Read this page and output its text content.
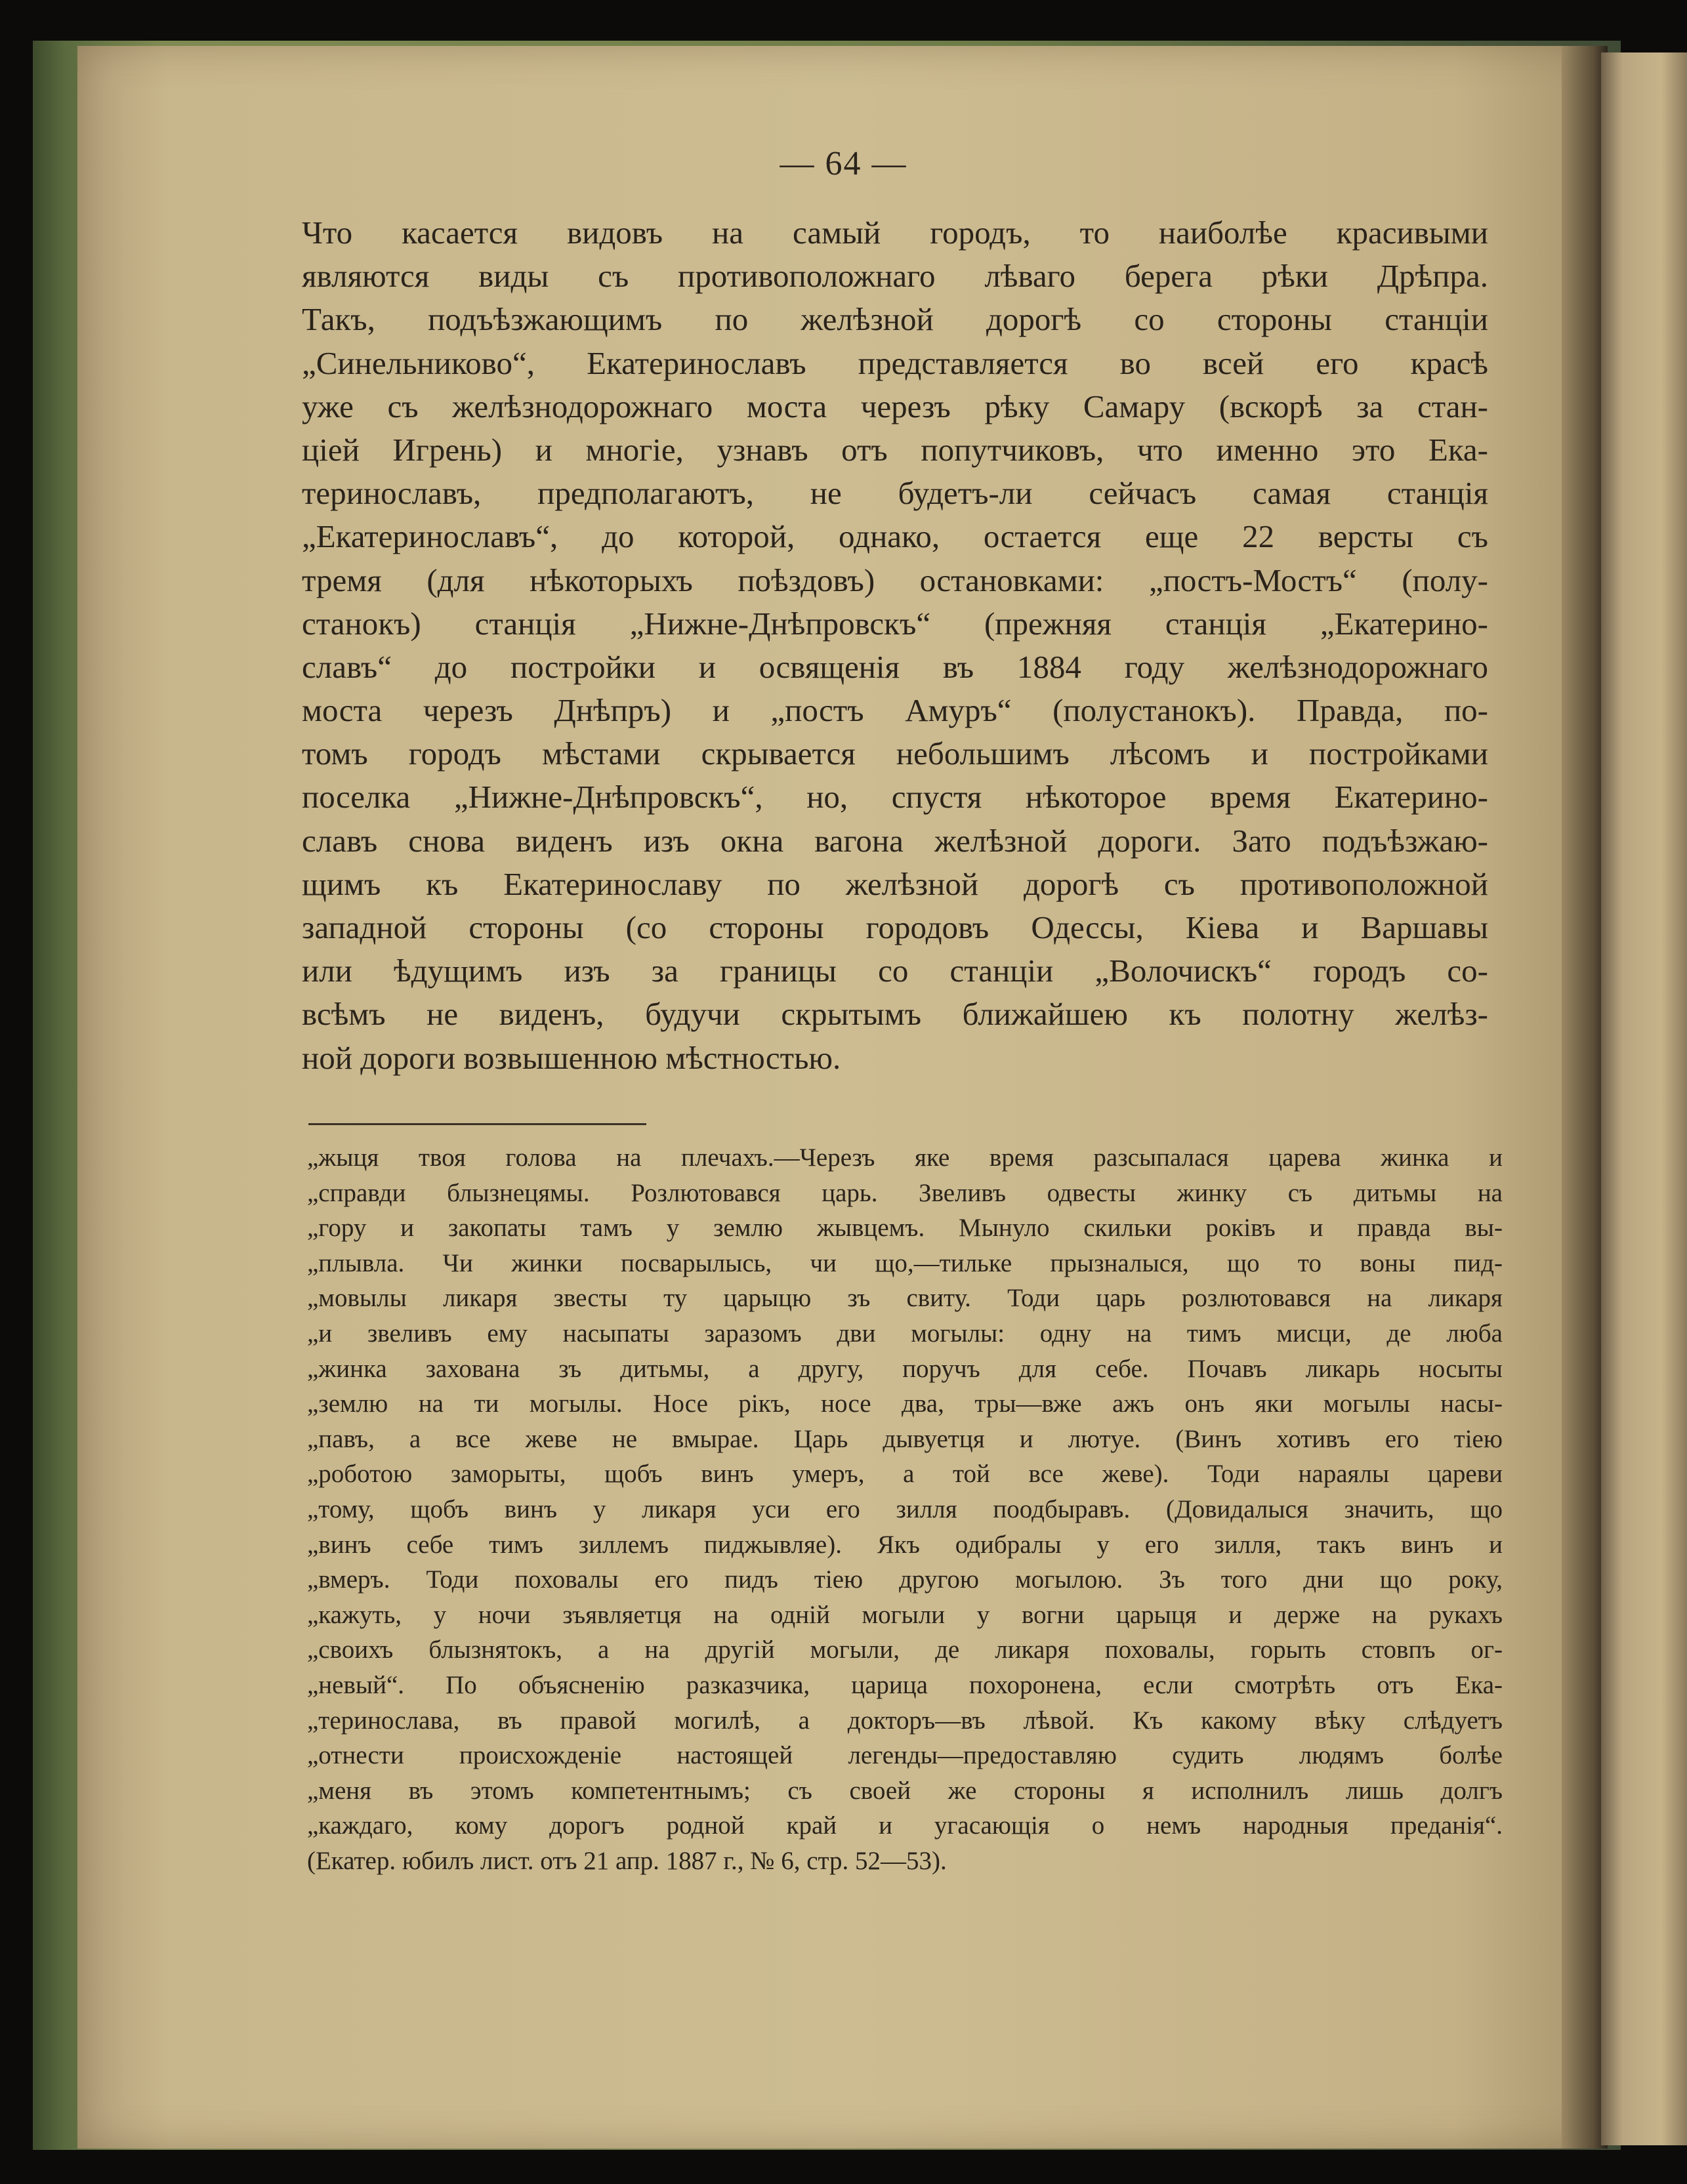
— 64 —
Что касается видовъ на самый городъ, то наиболѣе красивыми
являются виды съ противоположнаго лѣваго берега рѣки Дрѣпра.
Такъ, подъѣзжающимъ по желѣзной дорогѣ со стороны станціи
„Синельниково“, Екатеринославъ представляется во всей его красѣ
уже съ желѣзнодорожнаго моста черезъ рѣку Самару (вскорѣ за стан-
ціей Игрень) и многіе, узнавъ отъ попутчиковъ, что именно это Ека-
теринославъ, предполагаютъ, не будетъ-ли сейчасъ самая станція
„Екатеринославъ“, до которой, однако, остается еще 22 версты съ
тремя (для нѣкоторыхъ поѣздовъ) остановками: „постъ-Мостъ“ (полу-
станокъ) станція „Нижне-Днѣпровскъ“ (прежняя станція „Екатерино-
славъ“ до постройки и освященія въ 1884 году желѣзнодорожнаго
моста черезъ Днѣпръ) и „постъ Амуръ“ (полустанокъ). Правда, по-
томъ городъ мѣстами скрывается небольшимъ лѣсомъ и постройками
поселка „Нижне-Днѣпровскъ“, но, спустя нѣкоторое время Екатерино-
славъ снова виденъ изъ окна вагона желѣзной дороги. Зато подъѣзжаю-
щимъ къ Екатеринославу по желѣзной дорогѣ съ противоположной
западной стороны (со стороны городовъ Одессы, Кіева и Варшавы
или ѣдущимъ изъ за границы со станціи „Волочискъ“ городъ со-
всѣмъ не виденъ, будучи скрытымъ ближайшею къ полотну желѣз-
ной дороги возвышенною мѣстностью.
„жыця твоя голова на плечахъ.—Черезъ яке время разсыпалася царева жинка и
„справди блызнецямы. Розлютовався царь. Звеливъ одвесты жинку съ дитьмы на
„гору и закопаты тамъ у землю жывцемъ. Мынуло скильки роківъ и правда вы-
„плывла. Чи жинки посварылысь, чи що,—тильке прызналыся, що то воны пид-
„мовылы ликаря звесты ту царыцю зъ свиту. Тоди царь розлютовався на ликаря
„и звеливъ ему насыпаты заразомъ дви могылы: одну на тимъ мисци, де люба
„жинка захована зъ дитьмы, а другу, поручъ для себе. Почавъ ликарь носыты
„землю на ти могылы. Носе рікъ, носе два, тры—вже ажъ онъ яки могылы насы-
„павъ, а все жеве не вмырае. Царь дывуетця и лютуе. (Винъ хотивъ его тіею
„роботою заморыты, щобъ винъ умеръ, а той все жеве). Тоди нараялы цареви
„тому, щобъ винъ у ликаря уси его зилля поодбыравъ. (Довидалыся значить, що
„винъ себе тимъ зиллемъ пиджывляе). Якъ одибралы у его зилля, такъ винъ и
„вмеръ. Тоди поховалы его пидъ тіею другою могылою. Зъ того дни що року,
„кажуть, у ночи зъявляетця на одній могыли у вогни царыця и держе на рукахъ
„своихъ блызнятокъ, а на другій могыли, де ликаря поховалы, горыть стовпъ ог-
„невый“. По объясненію разказчика, царица похоронена, если смотрѣть отъ Ека-
„теринослава, въ правой могилѣ, а докторъ—въ лѣвой. Къ какому вѣку слѣдуетъ
„отнести происхожденіе настоящей легенды—предоставляю судить людямъ болѣе
„меня въ этомъ компетентнымъ; съ своей же стороны я исполнилъ лишь долгъ
„каждаго, кому дорогъ родной край и угасающія о немъ народныя преданія“.
(Екатер. юбилъ лист. отъ 21 апр. 1887 г., № 6, стр. 52—53).
